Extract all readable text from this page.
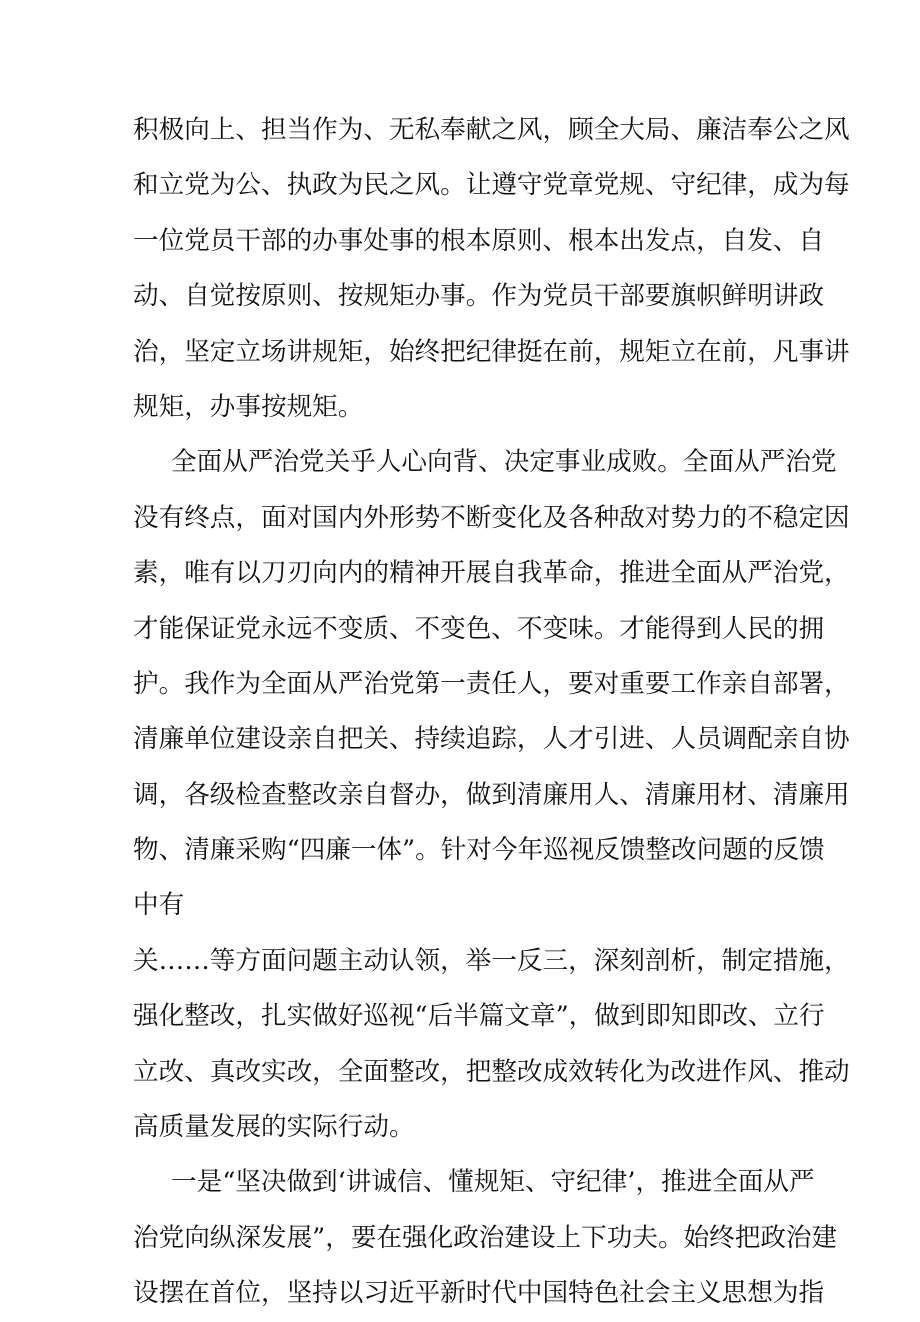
积极向上、担当作为、无私奉献之风，顾全大局、廉洁奉公之风
和立党为公、执政为民之风。让遵守党章党规、守纪律，成为每
一位党员干部的办事处事的根本原则、根本出发点，自发、自
动、自觉按原则、按规矩办事。作为党员干部要旗帜鲜明讲政
治，坚定立场讲规矩，始终把纪律挺在前，规矩立在前，凡事讲
规矩，办事按规矩。
全面从严治党关乎人心向背、决定事业成败。全面从严治党
没有终点，面对国内外形势不断变化及各种敌对势力的不稳定因
素，唯有以刀刃向内的精神开展自我革命，推进全面从严治党，
才能保证党永远不变质、不变色、不变味。才能得到人民的拥
护。我作为全面从严治党第一责任人，要对重要工作亲自部署，
清廉单位建设亲自把关、持续追踪，人才引进、人员调配亲自协
调，各级检查整改亲自督办，做到清廉用人、清廉用材、清廉用
物、清廉采购“四廉一体”。针对今年巡视反馈整改问题的反馈
中有
关……等方面问题主动认领，举一反三，深刻剖析，制定措施，
强化整改，扎实做好巡视“后半篇文章”，做到即知即改、立行
立改、真改实改，全面整改，把整改成效转化为改进作风、推动
高质量发展的实际行动。
一是“坚决做到‘讲诚信、懂规矩、守纪律’，推进全面从严
治党向纵深发展”，要在强化政治建设上下功夫。始终把政治建
设摆在首位，坚持以习近平新时代中国特色社会主义思想为指
